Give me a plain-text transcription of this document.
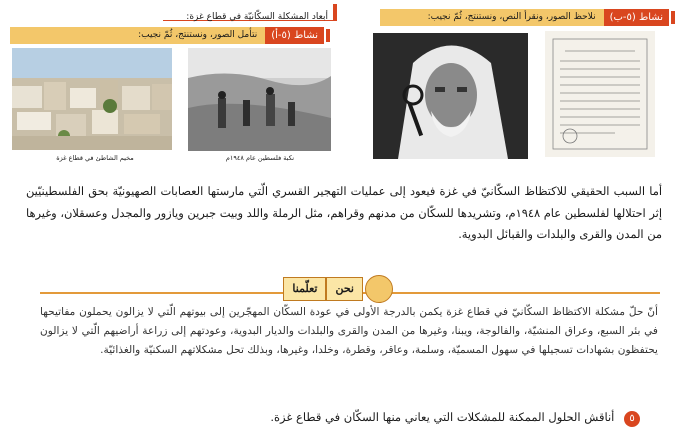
أبعاد المشكلة السكّانيّة في قطاع غزة:
نشاط (٥-أ)
نتأمل الصور، ونستنتج، ثُمّ نجيب:
نشاط (٥-ب)
نلاحظ الصور، ونقرأ النص، ونستنتج، ثُمّ نجيب:
مخيم الشاطئ في قطاع غزة	نكبة فلسطين عام ١٩٤٨م
أما السبب الحقيقي للاكتظاظ السكّانيّ في غزة فيعود إلى عمليات التهجير القسري الّتي مارستها العصابات الصهيونيّة بحق الفلسطينيّين إثر احتلالها لفلسطين عام ١٩٤٨م، وتشريدها للسكّان من مدنهم وقراهم، مثل الرملة واللد وبيت جبرين ويازور والمجدل وعسقلان، وغيرها من المدن والقرى والبلدات والقبائل البدوية.
نحن
تعلّمنا
أنّ حلّ مشكلة الاكتظاظ السكّانيّ في قطاع غزة يكمن بالدرجة الأولى في عودة السكّان المهجّرين إلى بيوتهم الّتي لا يزالون يحملون مفاتيحها في بئر السبع، وعراق المنشيّة، والفالوجة، ويبنا، وغيرها من المدن والقرى والبلدات والديار البدوية، وعودتهم إلى زراعة أراضيهم الّتي لا يزالون يحتفظون بشهادات تسجيلها في سهول المسميّة، وسلمة، وعاقر، وقطرة، وخلدا، وغيرها، وبذلك تحل مشكلاتهم السكنيّة والغذائيّة.
٥ أناقش الحلول الممكنة للمشكلات التي يعاني منها السكّان في قطاع غزة.
